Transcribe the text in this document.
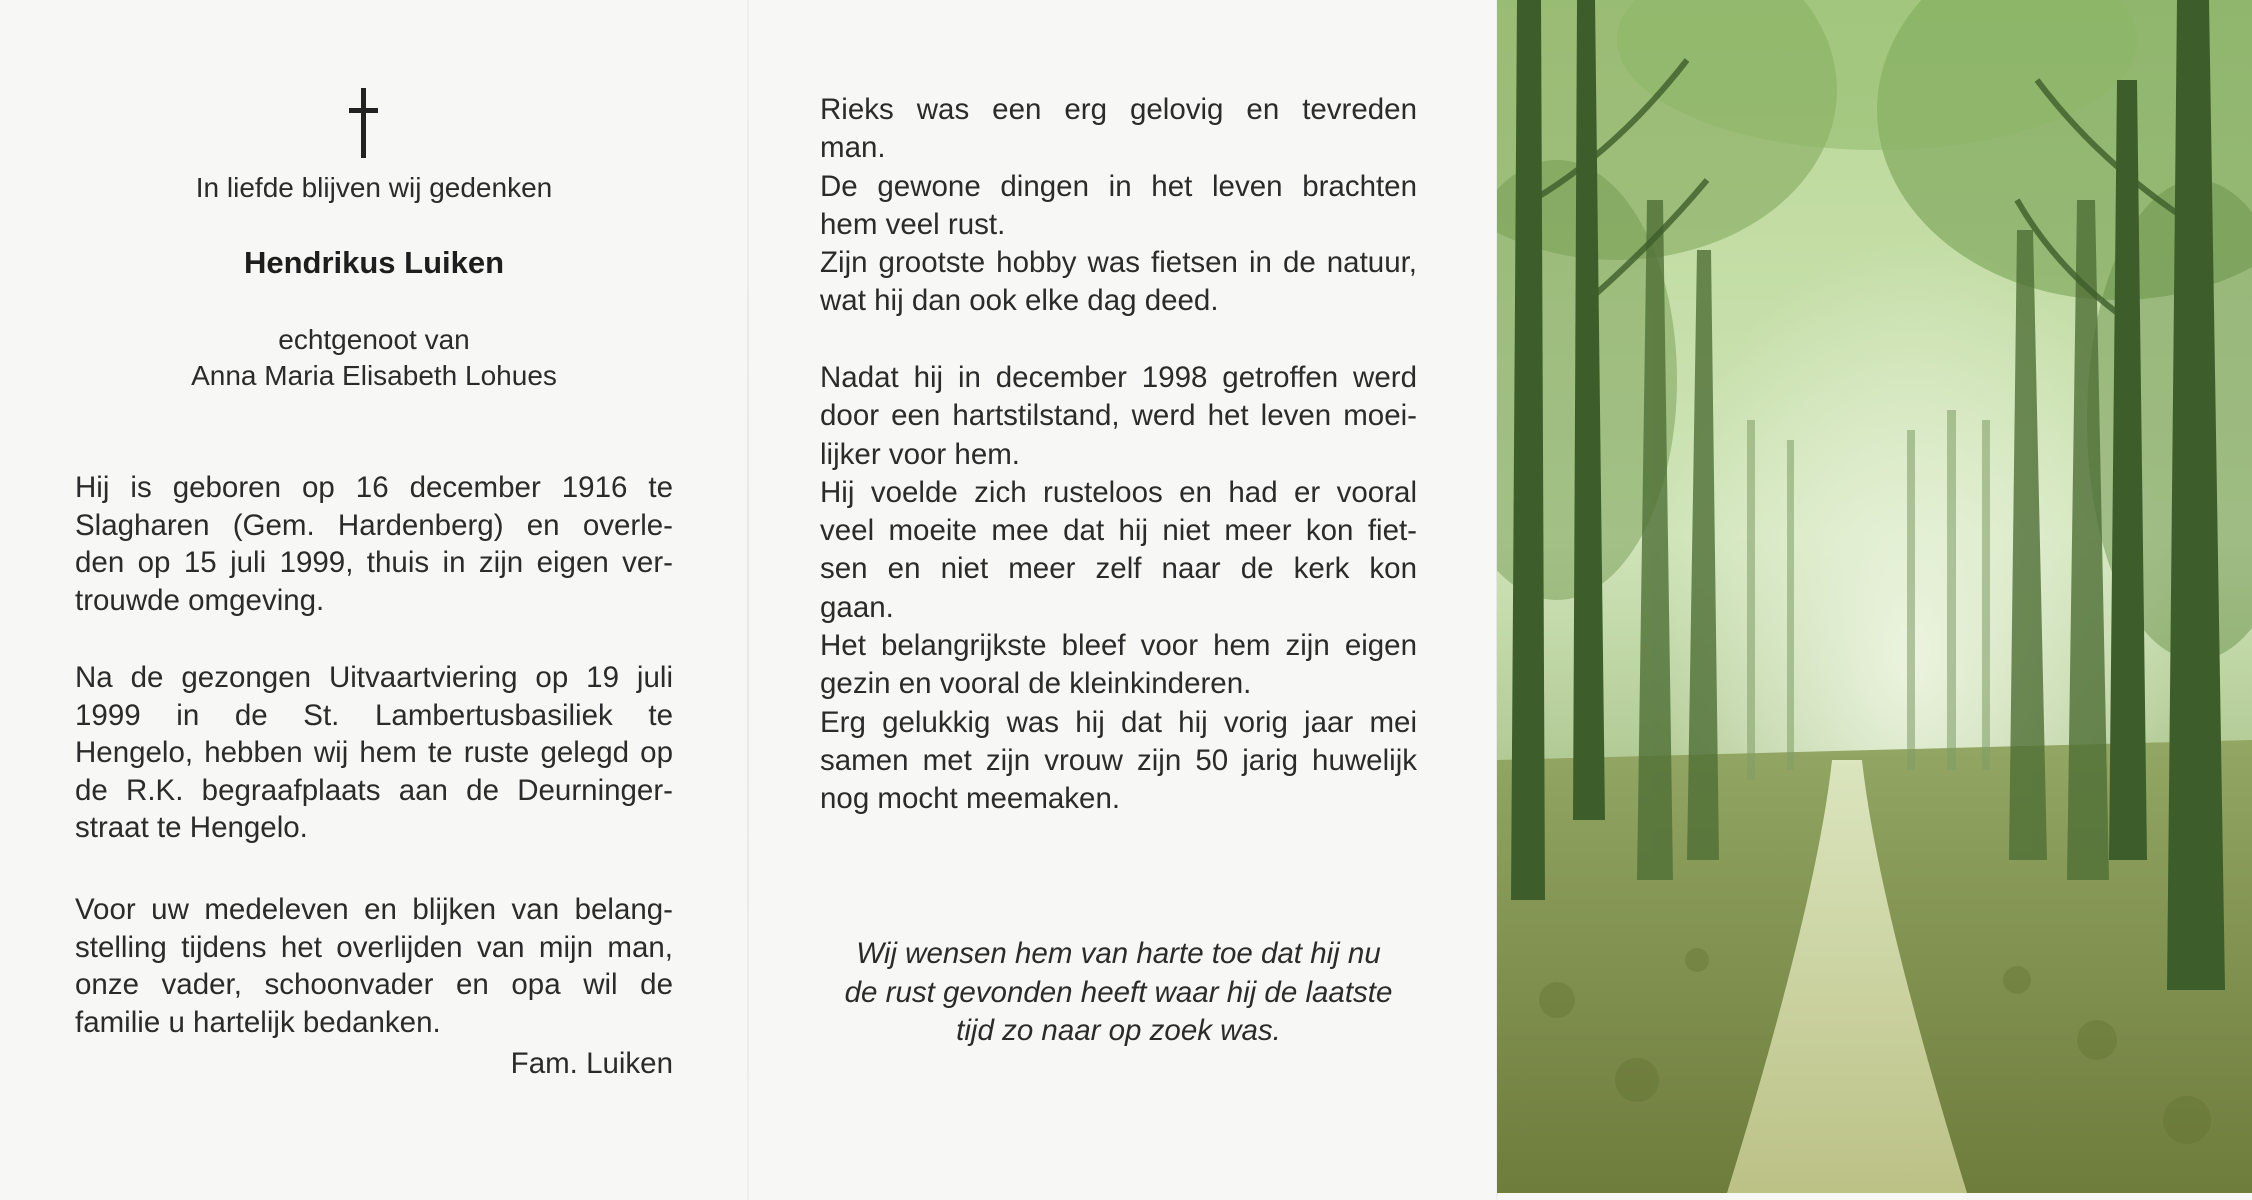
In liefde blijven wij gedenken
Hendrikus Luiken
echtgenoot van
Anna Maria Elisabeth Lohues
Hij is geboren op 16 december 1916 te
Slagharen (Gem. Hardenberg) en overle-
den op 15 juli 1999, thuis in zijn eigen ver-
trouwde omgeving.
Na de gezongen Uitvaartviering op 19 juli
1999 in de St. Lambertusbasiliek te
Hengelo, hebben wij hem te ruste gelegd op
de R.K. begraafplaats aan de Deurninger-
straat te Hengelo.
Voor uw medeleven en blijken van belang-
stelling tijdens het overlijden van mijn man,
onze vader, schoonvader en opa wil de
familie u hartelijk bedanken.
Fam. Luiken
Rieks was een erg gelovig en tevreden
man.
De gewone dingen in het leven brachten
hem veel rust.
Zijn grootste hobby was fietsen in de natuur,
wat hij dan ook elke dag deed.
Nadat hij in december 1998 getroffen werd
door een hartstilstand, werd het leven moei-
lijker voor hem.
Hij voelde zich rusteloos en had er vooral
veel moeite mee dat hij niet meer kon fiet-
sen en niet meer zelf naar de kerk kon
gaan.
Het belangrijkste bleef voor hem zijn eigen
gezin en vooral de kleinkinderen.
Erg gelukkig was hij dat hij vorig jaar mei
samen met zijn vrouw zijn 50 jarig huwelijk
nog mocht meemaken.
Wij wensen hem van harte toe dat hij nu
de rust gevonden heeft waar hij de laatste
tijd zo naar op zoek was.
